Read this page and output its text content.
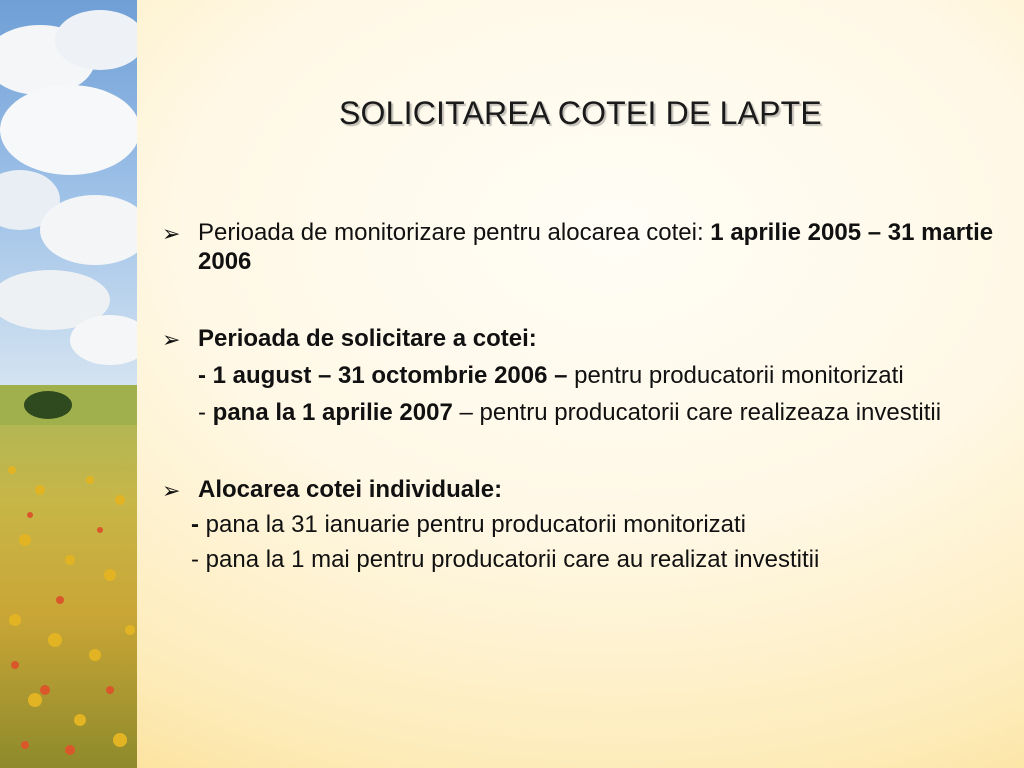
SOLICITAREA COTEI DE LAPTE
➢ Perioada de monitorizare pentru alocarea cotei: 1 aprilie 2005 – 31 martie 2006
➢ Perioada de solicitare a cotei:
- 1 august – 31 octombrie 2006 – pentru producatorii monitorizati
- pana la 1 aprilie 2007 – pentru producatorii care realizeaza investitii
➢ Alocarea cotei individuale:
- pana la 31 ianuarie pentru producatorii monitorizati
- pana la 1 mai pentru producatorii care au realizat investitii
